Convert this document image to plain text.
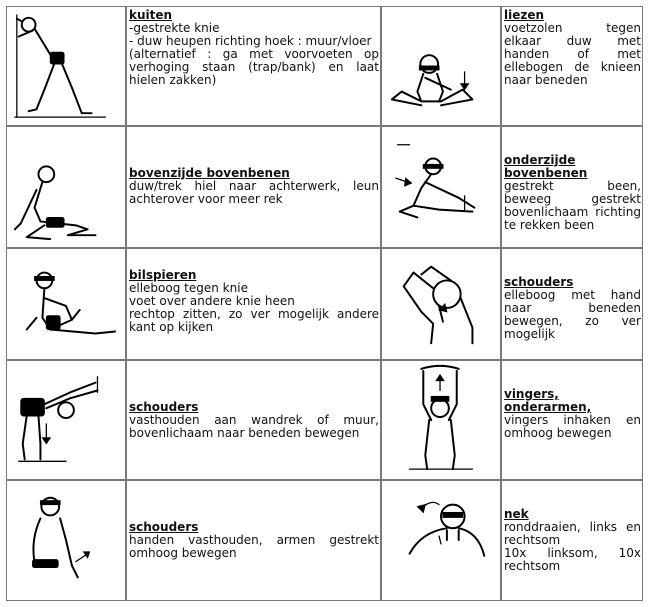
kuiten
-gestrekte knie
- duw heupen richting hoek : muur/vloer
(alternatief : ga met voorvoeten op verhoging staan (trap/bank) en laat hielen zakken)
liezen
voetzolen tegen elkaar duw met handen of met ellebogen de knieen naar beneden
bovenzijde bovenbenen
duw/trek hiel naar achterwerk, leun achterover voor meer rek
onderzijde bovenbenen
gestrekt been, beweeg gestrekt bovenlichaam richting te rekken been
bilspieren
elleboog tegen knie
voet over andere knie heen
rechtop zitten, zo ver mogelijk andere kant op kijken
schouders
elleboog met hand naar beneden bewegen, zo ver mogelijk
schouders
vasthouden aan wandrek of muur, bovenlichaam naar beneden bewegen
vingers, onderarmen,
vingers inhaken en omhoog bewegen
schouders
handen vasthouden, armen gestrekt omhoog bewegen
nek
ronddraaien, links en rechtsom
10x linksom, 10x rechtsom
